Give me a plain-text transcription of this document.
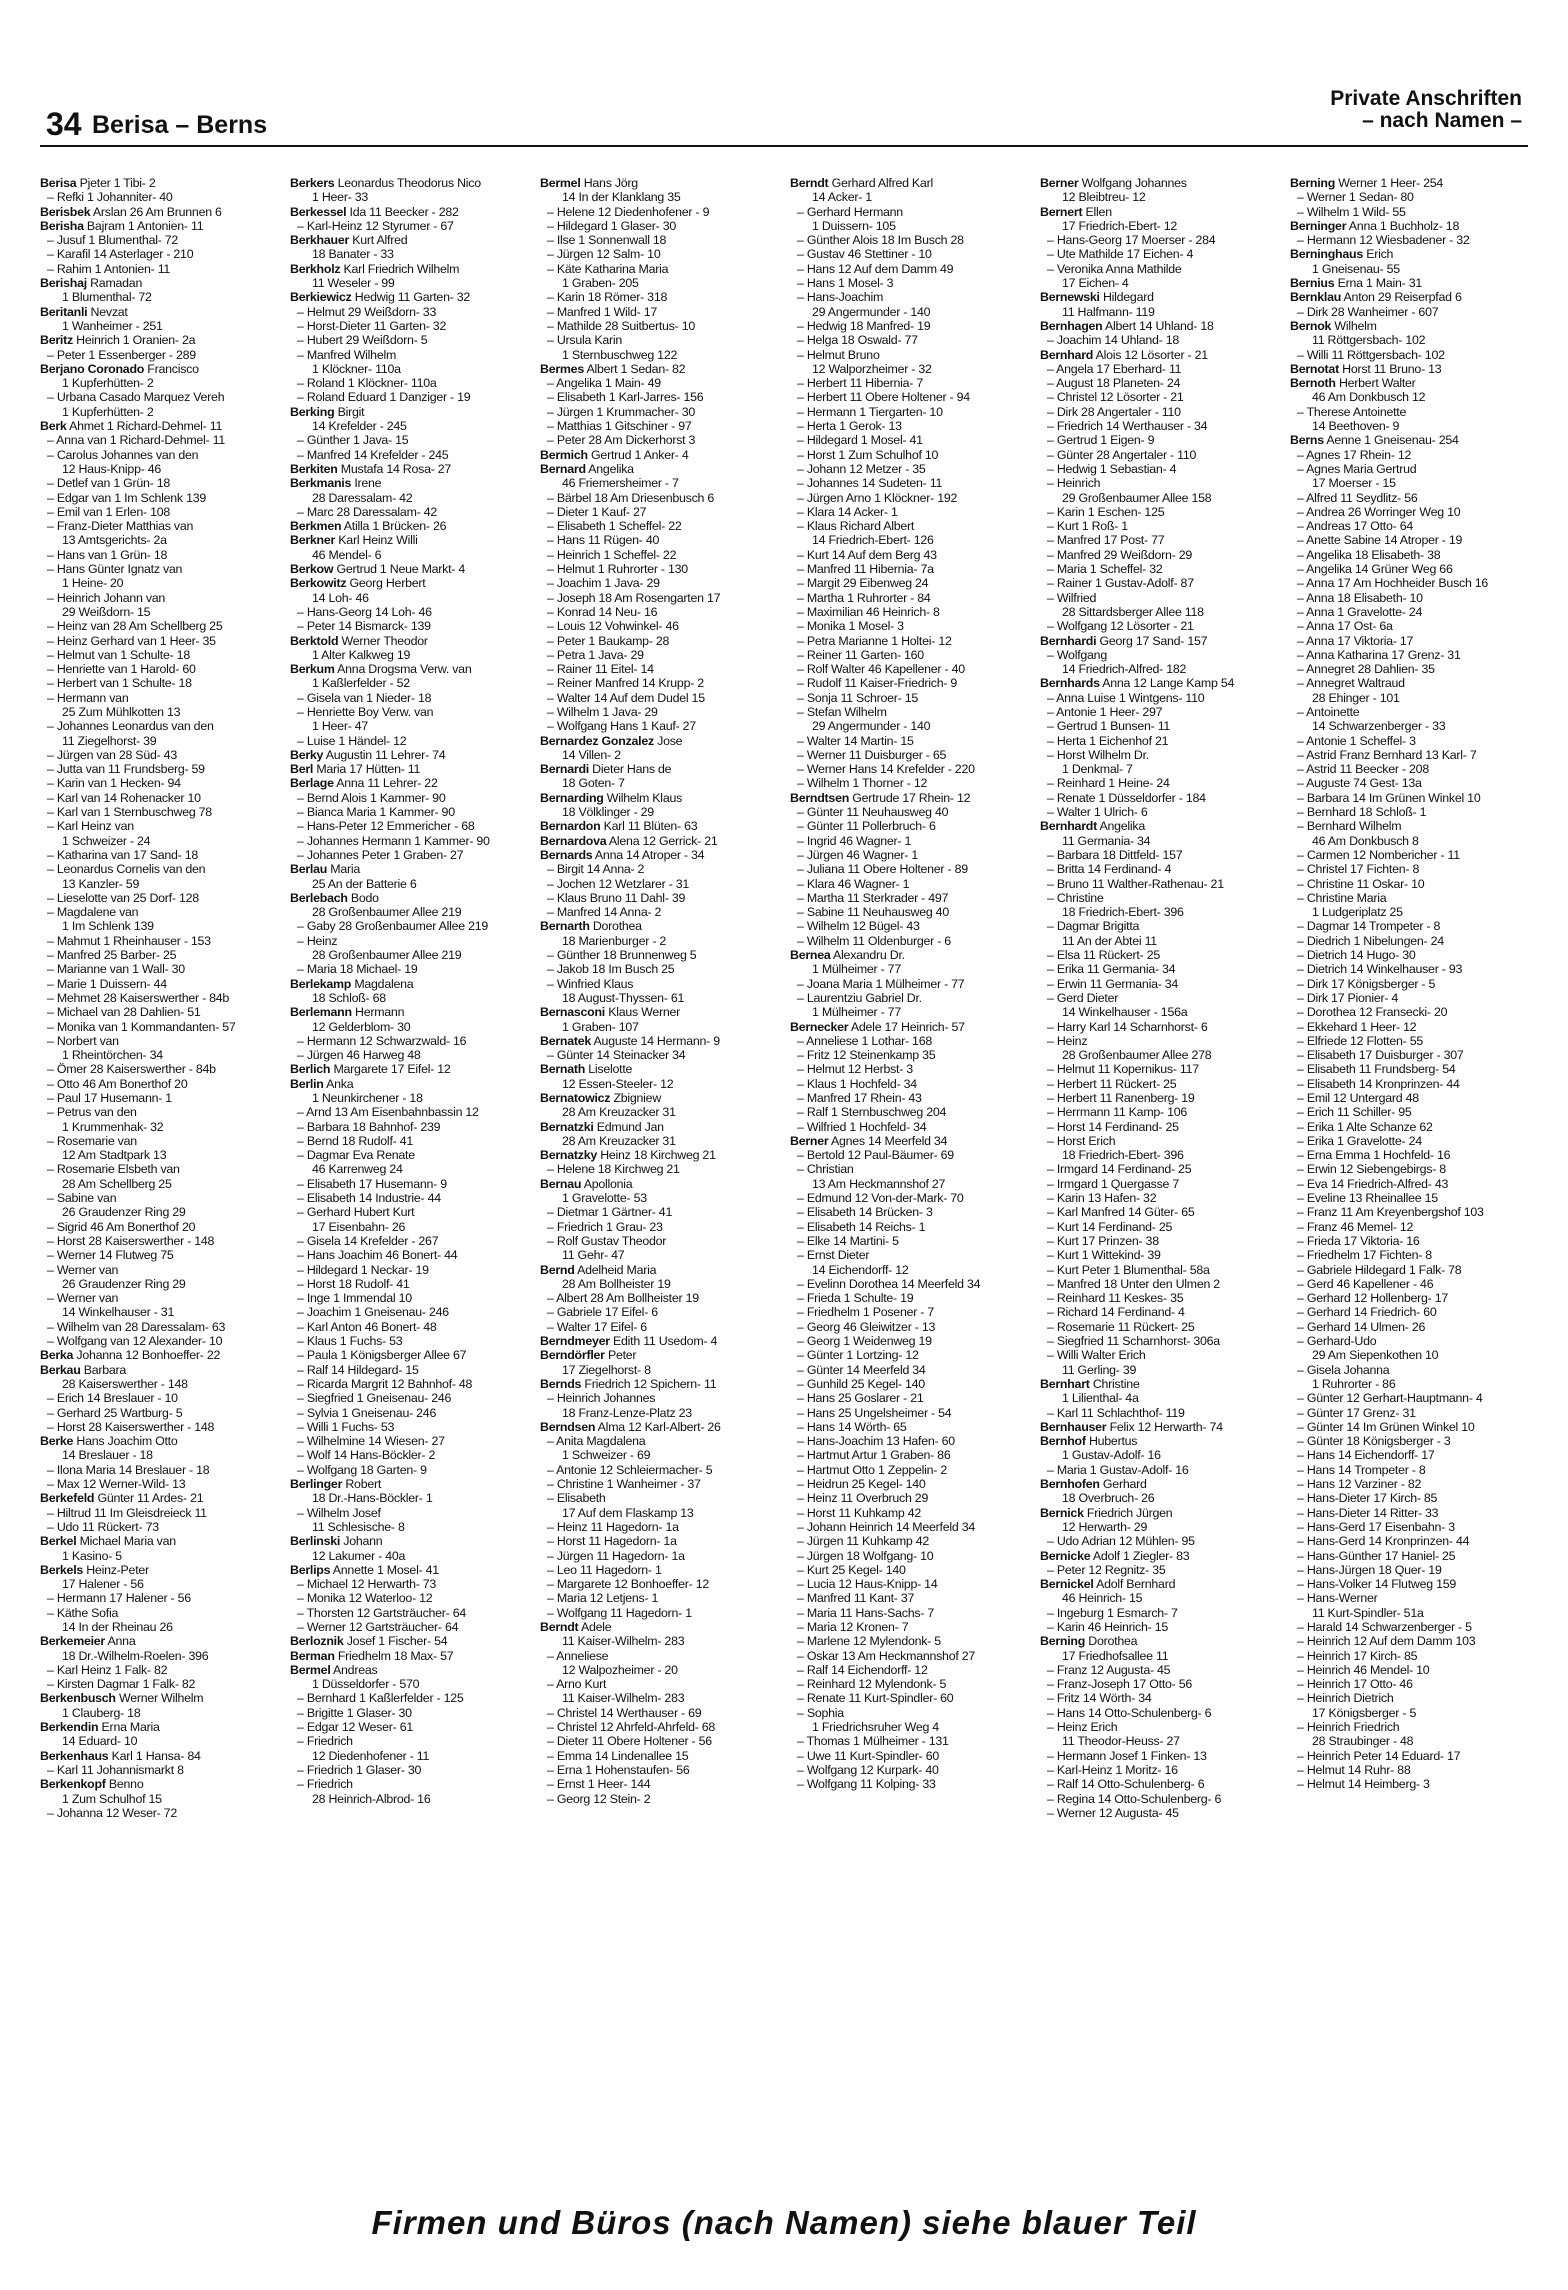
34 Berisa – Berns
Private Anschriften
– nach Namen –
Berisa Pjeter 1 Tibi- 2
– Refki 1 Johanniter- 40
Berisbek Arslan 26 Am Brunnen 6
Berisha Bajram 1 Antonien- 11
– Jusuf 1 Blumenthal- 72
– Karafil 14 Asterlager - 210
– Rahim 1 Antonien- 11
Berishaj Ramadan
1 Blumenthal- 72
Beritanli Nevzat
1 Wanheimer - 251
Beritz Heinrich 1 Oranien- 2a
– Peter 1 Essenberger - 289
Berjano Coronado Francisco
1 Kupferhütten- 2
– Urbana Casado Marquez Vereh
1 Kupferhütten- 2
Berk Ahmet 1 Richard-Dehmel- 11
– Anna van 1 Richard-Dehmel- 11
– Carolus Johannes van den
12 Haus-Knipp- 46
– Detlef van 1 Grün- 18
– Edgar van 1 Im Schlenk 139
– Emil van 1 Erlen- 108
– Franz-Dieter Matthias van
13 Amtsgerichts- 2a
– Hans van 1 Grün- 18
– Hans Günter Ignatz van
1 Heine- 20
– Heinrich Johann van
29 Weißdorn- 15
– Heinz van 28 Am Schellberg 25
– Heinz Gerhard van 1 Heer- 35
– Helmut van 1 Schulte- 18
– Henriette van 1 Harold- 60
– Herbert van 1 Schulte- 18
– Hermann van
25 Zum Mühlkotten 13
– Johannes Leonardus van den
11 Ziegelhorst- 39
– Jürgen van 28 Süd- 43
– Jutta van 11 Frundsberg- 59
– Karin van 1 Hecken- 94
– Karl van 14 Rohenacker 10
– Karl van 1 Sternbuschweg 78
– Karl Heinz van
1 Schweizer - 24
– Katharina van 17 Sand- 18
– Leonardus Cornelis van den
13 Kanzler- 59
– Lieselotte van 25 Dorf- 128
– Magdalene van
1 Im Schlenk 139
– Mahmut 1 Rheinhauser - 153
– Manfred 25 Barber- 25
– Marianne van 1 Wall- 30
– Marie 1 Duissern- 44
– Mehmet 28 Kaiserswerther - 84b
– Michael van 28 Dahlien- 51
– Monika van 1 Kommandanten- 57
– Norbert van
1 Rheintörchen- 34
– Ömer 28 Kaiserswerther - 84b
– Otto 46 Am Bonerthof 20
– Paul 17 Husemann- 1
– Petrus van den
1 Krummenhak- 32
– Rosemarie van
12 Am Stadtpark 13
– Rosemarie Elsbeth van
28 Am Schellberg 25
– Sabine van
26 Graudenzer Ring 29
– Sigrid 46 Am Bonerthof 20
– Horst 28 Kaiserswerther - 148
– Werner 14 Flutweg 75
– Werner van
26 Graudenzer Ring 29
– Werner van
14 Winkelhauser - 31
– Wilhelm van 28 Daressalam- 63
– Wolfgang van 12 Alexander- 10
Berka Johanna 12 Bonhoeffer- 22
Berkau Barbara
28 Kaiserswerther - 148
– Erich 14 Breslauer - 10
– Gerhard 25 Wartburg- 5
– Horst 28 Kaiserswerther - 148
Berke Hans Joachim Otto
14 Breslauer - 18
– Ilona Maria 14 Breslauer - 18
– Max 12 Werner-Wild- 13
Berkefeld Günter 11 Ardes- 21
– Hiltrud 11 Im Gleisdreieck 11
– Udo 11 Rückert- 73
Berkel Michael Maria van
1 Kasino- 5
Berkels Heinz-Peter
17 Halener - 56
– Hermann 17 Halener - 56
– Käthe Sofia
14 In der Rheinau 26
Berkemeier Anna
18 Dr.-Wilhelm-Roelen- 396
– Karl Heinz 1 Falk- 82
– Kirsten Dagmar 1 Falk- 82
Berkenbusch Werner Wilhelm
1 Clauberg- 18
Berkendin Erna Maria
14 Eduard- 10
Berkenhaus Karl 1 Hansa- 84
– Karl 11 Johannismarkt 8
Berkenkopf Benno
1 Zum Schulhof 15
– Johanna 12 Weser- 72
Berkers Leonardus Theodorus Nico
1 Heer- 33
Berkessel Ida 11 Beecker - 282
– Karl-Heinz 12 Styrumer - 67
Berkhauer Kurt Alfred
18 Banater - 33
Berkholz Karl Friedrich Wilhelm
11 Weseler - 99
Berkiewicz Hedwig 11 Garten- 32
– Helmut 29 Weißdorn- 33
– Horst-Dieter 11 Garten- 32
– Hubert 29 Weißdorn- 5
– Manfred Wilhelm
1 Klöckner- 110a
– Roland 1 Klöckner- 110a
– Roland Eduard 1 Danziger - 19
Berking Birgit
14 Krefelder - 245
– Günther 1 Java- 15
– Manfred 14 Krefelder - 245
Berkiten Mustafa 14 Rosa- 27
Berkmanis Irene
28 Daressalam- 42
– Marc 28 Daressalam- 42
Berkmen Atilla 1 Brücken- 26
Berkner Karl Heinz Willi
46 Mendel- 6
Berkow Gertrud 1 Neue Markt- 4
Berkowitz Georg Herbert
14 Loh- 46
– Hans-Georg 14 Loh- 46
– Peter 14 Bismarck- 139
Berktold Werner Theodor
1 Alter Kalkweg 19
Berkum Anna Drogsma Verw. van
1 Kaßlerfelder - 52
– Gisela van 1 Nieder- 18
– Henriette Boy Verw. van
1 Heer- 47
– Luise 1 Händel- 12
Berky Augustin 11 Lehrer- 74
Berl Maria 17 Hütten- 11
Berlage Anna 11 Lehrer- 22
– Bernd Alois 1 Kammer- 90
– Bianca Maria 1 Kammer- 90
– Hans-Peter 12 Emmericher - 68
– Johannes Hermann 1 Kammer- 90
– Johannes Peter 1 Graben- 27
Berlau Maria
25 An der Batterie 6
Berlebach Bodo
28 Großenbaumer Allee 219
– Gaby 28 Großenbaumer Allee 219
– Heinz
28 Großenbaumer Allee 219
– Maria 18 Michael- 19
Berlekamp Magdalena
18 Schloß- 68
Berlemann Hermann
12 Gelderblom- 30
– Hermann 12 Schwarzwald- 16
– Jürgen 46 Harweg 48
Berlich Margarete 17 Eifel- 12
Berlin Anka
1 Neunkirchener - 18
– Arnd 13 Am Eisenbahnbassin 12
– Barbara 18 Bahnhof- 239
– Bernd 18 Rudolf- 41
– Dagmar Eva Renate
46 Karrenweg 24
– Elisabeth 17 Husemann- 9
– Elisabeth 14 Industrie- 44
– Gerhard Hubert Kurt
17 Eisenbahn- 26
– Gisela 14 Krefelder - 267
– Hans Joachim 46 Bonert- 44
– Hildegard 1 Neckar- 19
– Horst 18 Rudolf- 41
– Inge 1 Immendal 10
– Joachim 1 Gneisenau- 246
– Karl Anton 46 Bonert- 48
– Klaus 1 Fuchs- 53
– Paula 1 Königsberger Allee 67
– Ralf 14 Hildegard- 15
– Ricarda Margrit 12 Bahnhof- 48
– Siegfried 1 Gneisenau- 246
– Sylvia 1 Gneisenau- 246
– Willi 1 Fuchs- 53
– Wilhelmine 14 Wiesen- 27
– Wolf 14 Hans-Böckler- 2
– Wolfgang 18 Garten- 9
Berlinger Robert
18 Dr.-Hans-Böckler- 1
– Wilhelm Josef
11 Schlesische- 8
Berlinski Johann
12 Lakumer - 40a
Berlips Annette 1 Mosel- 41
– Michael 12 Herwarth- 73
– Monika 12 Waterloo- 12
– Thorsten 12 Gartsträucher- 64
– Werner 12 Gartsträucher- 64
Berloznik Josef 1 Fischer- 54
Berman Friedhelm 18 Max- 57
Bermel Andreas
1 Düsseldorfer - 570
– Bernhard 1 Kaßlerfelder - 125
– Brigitte 1 Glaser- 30
– Edgar 12 Weser- 61
– Friedrich
12 Diedenhofener - 11
– Friedrich 1 Glaser- 30
– Friedrich
28 Heinrich-Albrod- 16
Bermel Hans Jörg
14 In der Klanklang 35
– Helene 12 Diedenhofener - 9
– Hildegard 1 Glaser- 30
– Ilse 1 Sonnenwall 18
– Jürgen 12 Salm- 10
– Käte Katharina Maria
1 Graben- 205
– Karin 18 Römer- 318
– Manfred 1 Wild- 17
– Mathilde 28 Suitbertus- 10
– Ursula Karin
1 Sternbuschweg 122
Bermes Albert 1 Sedan- 82
– Angelika 1 Main- 49
– Elisabeth 1 Karl-Jarres- 156
– Jürgen 1 Krummacher- 30
– Matthias 1 Gitschiner - 97
– Peter 28 Am Dickerhorst 3
Bermich Gertrud 1 Anker- 4
Bernard Angelika
46 Friemersheimer - 7
– Bärbel 18 Am Driesenbusch 6
– Dieter 1 Kauf- 27
– Elisabeth 1 Scheffel- 22
– Hans 11 Rügen- 40
– Heinrich 1 Scheffel- 22
– Helmut 1 Ruhrorter - 130
– Joachim 1 Java- 29
– Joseph 18 Am Rosengarten 17
– Konrad 14 Neu- 16
– Louis 12 Vohwinkel- 46
– Peter 1 Baukamp- 28
– Petra 1 Java- 29
– Rainer 11 Eitel- 14
– Reiner Manfred 14 Krupp- 2
– Walter 14 Auf dem Dudel 15
– Wilhelm 1 Java- 29
– Wolfgang Hans 1 Kauf- 27
Bernardez Gonzalez Jose
14 Villen- 2
Bernardi Dieter Hans de
18 Goten- 7
Bernarding Wilhelm Klaus
18 Völklinger - 29
Bernardon Karl 11 Blüten- 63
Bernardova Alena 12 Gerrick- 21
Bernards Anna 14 Atroper - 34
– Birgit 14 Anna- 2
– Jochen 12 Wetzlarer - 31
– Klaus Bruno 11 Dahl- 39
– Manfred 14 Anna- 2
Bernarth Dorothea
18 Marienburger - 2
– Günther 18 Brunnenweg 5
– Jakob 18 Im Busch 25
– Winfried Klaus
18 August-Thyssen- 61
Bernasconi Klaus Werner
1 Graben- 107
Bernatek Auguste 14 Hermann- 9
– Günter 14 Steinacker 34
Bernath Liselotte
12 Essen-Steeler- 12
Bernatowicz Zbigniew
28 Am Kreuzacker 31
Bernatzki Edmund Jan
28 Am Kreuzacker 31
Bernatzky Heinz 18 Kirchweg 21
– Helene 18 Kirchweg 21
Bernau Apollonia
1 Gravelotte- 53
– Dietmar 1 Gärtner- 41
– Friedrich 1 Grau- 23
– Rolf Gustav Theodor
11 Gehr- 47
Bernd Adelheid Maria
28 Am Bollheister 19
– Albert 28 Am Bollheister 19
– Gabriele 17 Eifel- 6
– Walter 17 Eifel- 6
Berndmeyer Edith 11 Usedom- 4
Berndörfler Peter
17 Ziegelhorst- 8
Bernds Friedrich 12 Spichern- 11
– Heinrich Johannes
18 Franz-Lenze-Platz 23
Berndsen Alma 12 Karl-Albert- 26
– Anita Magdalena
1 Schweizer - 69
– Antonie 12 Schleiermacher- 5
– Christine 1 Wanheimer - 37
– Elisabeth
17 Auf dem Flaskamp 13
– Heinz 11 Hagedorn- 1a
– Horst 11 Hagedorn- 1a
– Jürgen 11 Hagedorn- 1a
– Leo 11 Hagedorn- 1
– Margarete 12 Bonhoeffer- 12
– Maria 12 Letjens- 1
– Wolfgang 11 Hagedorn- 1
Berndt Adele
11 Kaiser-Wilhelm- 283
– Anneliese
12 Walpozheimer - 20
– Arno Kurt
11 Kaiser-Wilhelm- 283
– Christel 14 Werthauser - 69
– Christel 12 Ahrfeld-Ahrfeld- 68
– Dieter 11 Obere Holtener - 56
– Emma 14 Lindenallee 15
– Erna 1 Hohenstaufen- 56
– Ernst 1 Heer- 144
– Georg 12 Stein- 2
Berndt Gerhard Alfred Karl
14 Acker- 1
– Gerhard Hermann
1 Duissern- 105
– Günther Alois 18 Im Busch 28
– Gustav 46 Stettiner - 10
– Hans 12 Auf dem Damm 49
– Hans 1 Mosel- 3
– Hans-Joachim
29 Angermunder - 140
– Hedwig 18 Manfred- 19
– Helga 18 Oswald- 77
– Helmut Bruno
12 Walporzheimer - 32
– Herbert 11 Hibernia- 7
– Herbert 11 Obere Holtener - 94
– Hermann 1 Tiergarten- 10
– Herta 1 Gerok- 13
– Hildegard 1 Mosel- 41
– Horst 1 Zum Schulhof 10
– Johann 12 Metzer - 35
– Johannes 14 Sudeten- 11
– Jürgen Arno 1 Klöckner- 192
– Klara 14 Acker- 1
– Klaus Richard Albert
14 Friedrich-Ebert- 126
– Kurt 14 Auf dem Berg 43
– Manfred 11 Hibernia- 7a
– Margit 29 Eibenweg 24
– Martha 1 Ruhrorter - 84
– Maximilian 46 Heinrich- 8
– Monika 1 Mosel- 3
– Petra Marianne 1 Holtei- 12
– Reiner 11 Garten- 160
– Rolf Walter 46 Kapellener - 40
– Rudolf 11 Kaiser-Friedrich- 9
– Sonja 11 Schroer- 15
– Stefan Wilhelm
29 Angermunder - 140
– Walter 14 Martin- 15
– Werner 11 Duisburger - 65
– Werner Hans 14 Krefelder - 220
– Wilhelm 1 Thorner - 12
Berndtsen Gertrude 17 Rhein- 12
– Günter 11 Neuhausweg 40
– Günter 11 Pollerbruch- 6
– Ingrid 46 Wagner- 1
– Jürgen 46 Wagner- 1
– Juliana 11 Obere Holtener - 89
– Klara 46 Wagner- 1
– Martha 11 Sterkrader - 497
– Sabine 11 Neuhausweg 40
– Wilhelm 12 Bügel- 43
– Wilhelm 11 Oldenburger - 6
Bernea Alexandru Dr.
1 Mülheimer - 77
– Joana Maria 1 Mülheimer - 77
– Laurentziu Gabriel Dr.
1 Mülheimer - 77
Bernecker Adele 17 Heinrich- 57
– Anneliese 1 Lothar- 168
– Fritz 12 Steinenkamp 35
– Helmut 12 Herbst- 3
– Klaus 1 Hochfeld- 34
– Manfred 17 Rhein- 43
– Ralf 1 Sternbuschweg 204
– Wilfried 1 Hochfeld- 34
Berner Agnes 14 Meerfeld 34
– Bertold 12 Paul-Bäumer- 69
– Christian
13 Am Heckmannshof 27
– Edmund 12 Von-der-Mark- 70
– Elisabeth 14 Brücken- 3
– Elisabeth 14 Reichs- 1
– Elke 14 Martini- 5
– Ernst Dieter
14 Eichendorff- 12
– Evelinn Dorothea 14 Meerfeld 34
– Frieda 1 Schulte- 19
– Friedhelm 1 Posener - 7
– Georg 46 Gleiwitzer - 13
– Georg 1 Weidenweg 19
– Günter 1 Lortzing- 12
– Günter 14 Meerfeld 34
– Gunhild 25 Kegel- 140
– Hans 25 Goslarer - 21
– Hans 25 Ungelsheimer - 54
– Hans 14 Wörth- 65
– Hans-Joachim 13 Hafen- 60
– Hartmut Artur 1 Graben- 86
– Hartmut Otto 1 Zeppelin- 2
– Heidrun 25 Kegel- 140
– Heinz 11 Overbruch 29
– Horst 11 Kuhkamp 42
– Johann Heinrich 14 Meerfeld 34
– Jürgen 11 Kuhkamp 42
– Jürgen 18 Wolfgang- 10
– Kurt 25 Kegel- 140
– Lucia 12 Haus-Knipp- 14
– Manfred 11 Kant- 37
– Maria 11 Hans-Sachs- 7
– Maria 12 Kronen- 7
– Marlene 12 Mylendonk- 5
– Oskar 13 Am Heckmannshof 27
– Ralf 14 Eichendorff- 12
– Reinhard 12 Mylendonk- 5
– Renate 11 Kurt-Spindler- 60
– Sophia
1 Friedrichsruher Weg 4
– Thomas 1 Mülheimer - 131
– Uwe 11 Kurt-Spindler- 60
– Wolfgang 12 Kurpark- 40
– Wolfgang 11 Kolping- 33
Berner Wolfgang Johannes
12 Bleibtreu- 12
Bernert Ellen
17 Friedrich-Ebert- 12
– Hans-Georg 17 Moerser - 284
– Ute Mathilde 17 Eichen- 4
– Veronika Anna Mathilde
17 Eichen- 4
Bernewski Hildegard
11 Halfmann- 119
Bernhagen Albert 14 Uhland- 18
– Joachim 14 Uhland- 18
Bernhard Alois 12 Lösorter - 21
– Angela 17 Eberhard- 11
– August 18 Planeten- 24
– Christel 12 Lösorter - 21
– Dirk 28 Angertaler - 110
– Friedrich 14 Werthauser - 34
– Gertrud 1 Eigen- 9
– Günter 28 Angertaler - 110
– Hedwig 1 Sebastian- 4
– Heinrich
29 Großenbaumer Allee 158
– Karin 1 Eschen- 125
– Kurt 1 Roß- 1
– Manfred 17 Post- 77
– Manfred 29 Weißdorn- 29
– Maria 1 Scheffel- 32
– Rainer 1 Gustav-Adolf- 87
– Wilfried
28 Sittardsberger Allee 118
– Wolfgang 12 Lösorter - 21
Bernhardi Georg 17 Sand- 157
– Wolfgang
14 Friedrich-Alfred- 182
Bernhards Anna 12 Lange Kamp 54
– Anna Luise 1 Wintgens- 110
– Antonie 1 Heer- 297
– Gertrud 1 Bunsen- 11
– Herta 1 Eichenhof 21
– Horst Wilhelm Dr.
1 Denkmal- 7
– Reinhard 1 Heine- 24
– Renate 1 Düsseldorfer - 184
– Walter 1 Ulrich- 6
Bernhardt Angelika
11 Germania- 34
– Barbara 18 Dittfeld- 157
– Britta 14 Ferdinand- 4
– Bruno 11 Walther-Rathenau- 21
– Christine
18 Friedrich-Ebert- 396
– Dagmar Brigitta
11 An der Abtei 11
– Elsa 11 Rückert- 25
– Erika 11 Germania- 34
– Erwin 11 Germania- 34
– Gerd Dieter
14 Winkelhauser - 156a
– Harry Karl 14 Scharnhorst- 6
– Heinz
28 Großenbaumer Allee 278
– Helmut 11 Kopernikus- 117
– Herbert 11 Rückert- 25
– Herbert 11 Ranenberg- 19
– Herrmann 11 Kamp- 106
– Horst 14 Ferdinand- 25
– Horst Erich
18 Friedrich-Ebert- 396
– Irmgard 14 Ferdinand- 25
– Irmgard 1 Quergasse 7
– Karin 13 Hafen- 32
– Karl Manfred 14 Güter- 65
– Kurt 14 Ferdinand- 25
– Kurt 17 Prinzen- 38
– Kurt 1 Wittekind- 39
– Kurt Peter 1 Blumenthal- 58a
– Manfred 18 Unter den Ulmen 2
– Reinhard 11 Keskes- 35
– Richard 14 Ferdinand- 4
– Rosemarie 11 Rückert- 25
– Siegfried 11 Scharnhorst- 306a
– Willi Walter Erich
11 Gerling- 39
Bernhart Christine
1 Lilienthal- 4a
– Karl 11 Schlachthof- 119
Bernhauser Felix 12 Herwarth- 74
Bernhof Hubertus
1 Gustav-Adolf- 16
– Maria 1 Gustav-Adolf- 16
Bernhofen Gerhard
18 Overbruch- 26
Bernick Friedrich Jürgen
12 Herwarth- 29
– Udo Adrian 12 Mühlen- 95
Bernicke Adolf 1 Ziegler- 83
– Peter 12 Regnitz- 35
Bernickel Adolf Bernhard
46 Heinrich- 15
– Ingeburg 1 Esmarch- 7
– Karin 46 Heinrich- 15
Berning Dorothea
17 Friedhofsallee 11
– Franz 12 Augusta- 45
– Franz-Joseph 17 Otto- 56
– Fritz 14 Wörth- 34
– Hans 14 Otto-Schulenberg- 6
– Heinz Erich
11 Theodor-Heuss- 27
– Hermann Josef 1 Finken- 13
– Karl-Heinz 1 Moritz- 16
– Ralf 14 Otto-Schulenberg- 6
– Regina 14 Otto-Schulenberg- 6
– Werner 12 Augusta- 45
Berning Werner 1 Heer- 254
– Werner 1 Sedan- 80
– Wilhelm 1 Wild- 55
Berninger Anna 1 Buchholz- 18
– Hermann 12 Wiesbadener - 32
Berninghaus Erich
1 Gneisenau- 55
Bernius Erna 1 Main- 31
Bernklau Anton 29 Reiserpfad 6
– Dirk 28 Wanheimer - 607
Bernok Wilhelm
11 Röttgersbach- 102
– Willi 11 Röttgersbach- 102
Bernotat Horst 11 Bruno- 13
Bernoth Herbert Walter
46 Am Donkbusch 12
– Therese Antoinette
14 Beethoven- 9
Berns Aenne 1 Gneisenau- 254
– Agnes 17 Rhein- 12
– Agnes Maria Gertrud
17 Moerser - 15
– Alfred 11 Seydlitz- 56
– Andrea 26 Worringer Weg 10
– Andreas 17 Otto- 64
– Anette Sabine 14 Atroper - 19
– Angelika 18 Elisabeth- 38
– Angelika 14 Grüner Weg 66
– Anna 17 Am Hochheider Busch 16
– Anna 18 Elisabeth- 10
– Anna 1 Gravelotte- 24
– Anna 17 Ost- 6a
– Anna 17 Viktoria- 17
– Anna Katharina 17 Grenz- 31
– Annegret 28 Dahlien- 35
– Annegret Waltraud
28 Ehinger - 101
– Antoinette
14 Schwarzenberger - 33
– Antonie 1 Scheffel- 3
– Astrid Franz Bernhard 13 Karl- 7
– Astrid 11 Beecker - 208
– Auguste 74 Gest- 13a
– Barbara 14 Im Grünen Winkel 10
– Bernhard 18 Schloß- 1
– Bernhard Wilhelm
46 Am Donkbusch 8
– Carmen 12 Nombericher - 11
– Christel 17 Fichten- 8
– Christine 11 Oskar- 10
– Christine Maria
1 Ludgeriplatz 25
– Dagmar 14 Trompeter - 8
– Diedrich 1 Nibelungen- 24
– Dietrich 14 Hugo- 30
– Dietrich 14 Winkelhauser - 93
– Dirk 17 Königsberger - 5
– Dirk 17 Pionier- 4
– Dorothea 12 Fransecki- 20
– Ekkehard 1 Heer- 12
– Elfriede 12 Flotten- 55
– Elisabeth 17 Duisburger - 307
– Elisabeth 11 Frundsberg- 54
– Elisabeth 14 Kronprinzen- 44
– Emil 12 Untergard 48
– Erich 11 Schiller- 95
– Erika 1 Alte Schanze 62
– Erika 1 Gravelotte- 24
– Erna Emma 1 Hochfeld- 16
– Erwin 12 Siebengebirgs- 8
– Eva 14 Friedrich-Alfred- 43
– Eveline 13 Rheinallee 15
– Franz 11 Am Kreyenbergshof 103
– Franz 46 Memel- 12
– Frieda 17 Viktoria- 16
– Friedhelm 17 Fichten- 8
– Gabriele Hildegard 1 Falk- 78
– Gerd 46 Kapellener - 46
– Gerhard 12 Hollenberg- 17
– Gerhard 14 Friedrich- 60
– Gerhard 14 Ulmen- 26
– Gerhard-Udo
29 Am Siepenkothen 10
– Gisela Johanna
1 Ruhrorter - 86
– Günter 12 Gerhart-Hauptmann- 4
– Günter 17 Grenz- 31
– Günter 14 Im Grünen Winkel 10
– Günter 18 Königsberger - 3
– Hans 14 Eichendorff- 17
– Hans 14 Trompeter - 8
– Hans 12 Varziner - 82
– Hans-Dieter 17 Kirch- 85
– Hans-Dieter 14 Ritter- 33
– Hans-Gerd 17 Eisenbahn- 3
– Hans-Gerd 14 Kronprinzen- 44
– Hans-Günther 17 Haniel- 25
– Hans-Jürgen 18 Quer- 19
– Hans-Volker 14 Flutweg 159
– Hans-Werner
11 Kurt-Spindler- 51a
– Harald 14 Schwarzenberger - 5
– Heinrich 12 Auf dem Damm 103
– Heinrich 17 Kirch- 85
– Heinrich 46 Mendel- 10
– Heinrich 17 Otto- 46
– Heinrich Dietrich
17 Königsberger - 5
– Heinrich Friedrich
28 Straubinger - 48
– Heinrich Peter 14 Eduard- 17
– Helmut 14 Ruhr- 88
– Helmut 14 Heimberg- 3
Firmen und Büros (nach Namen) siehe blauer Teil
